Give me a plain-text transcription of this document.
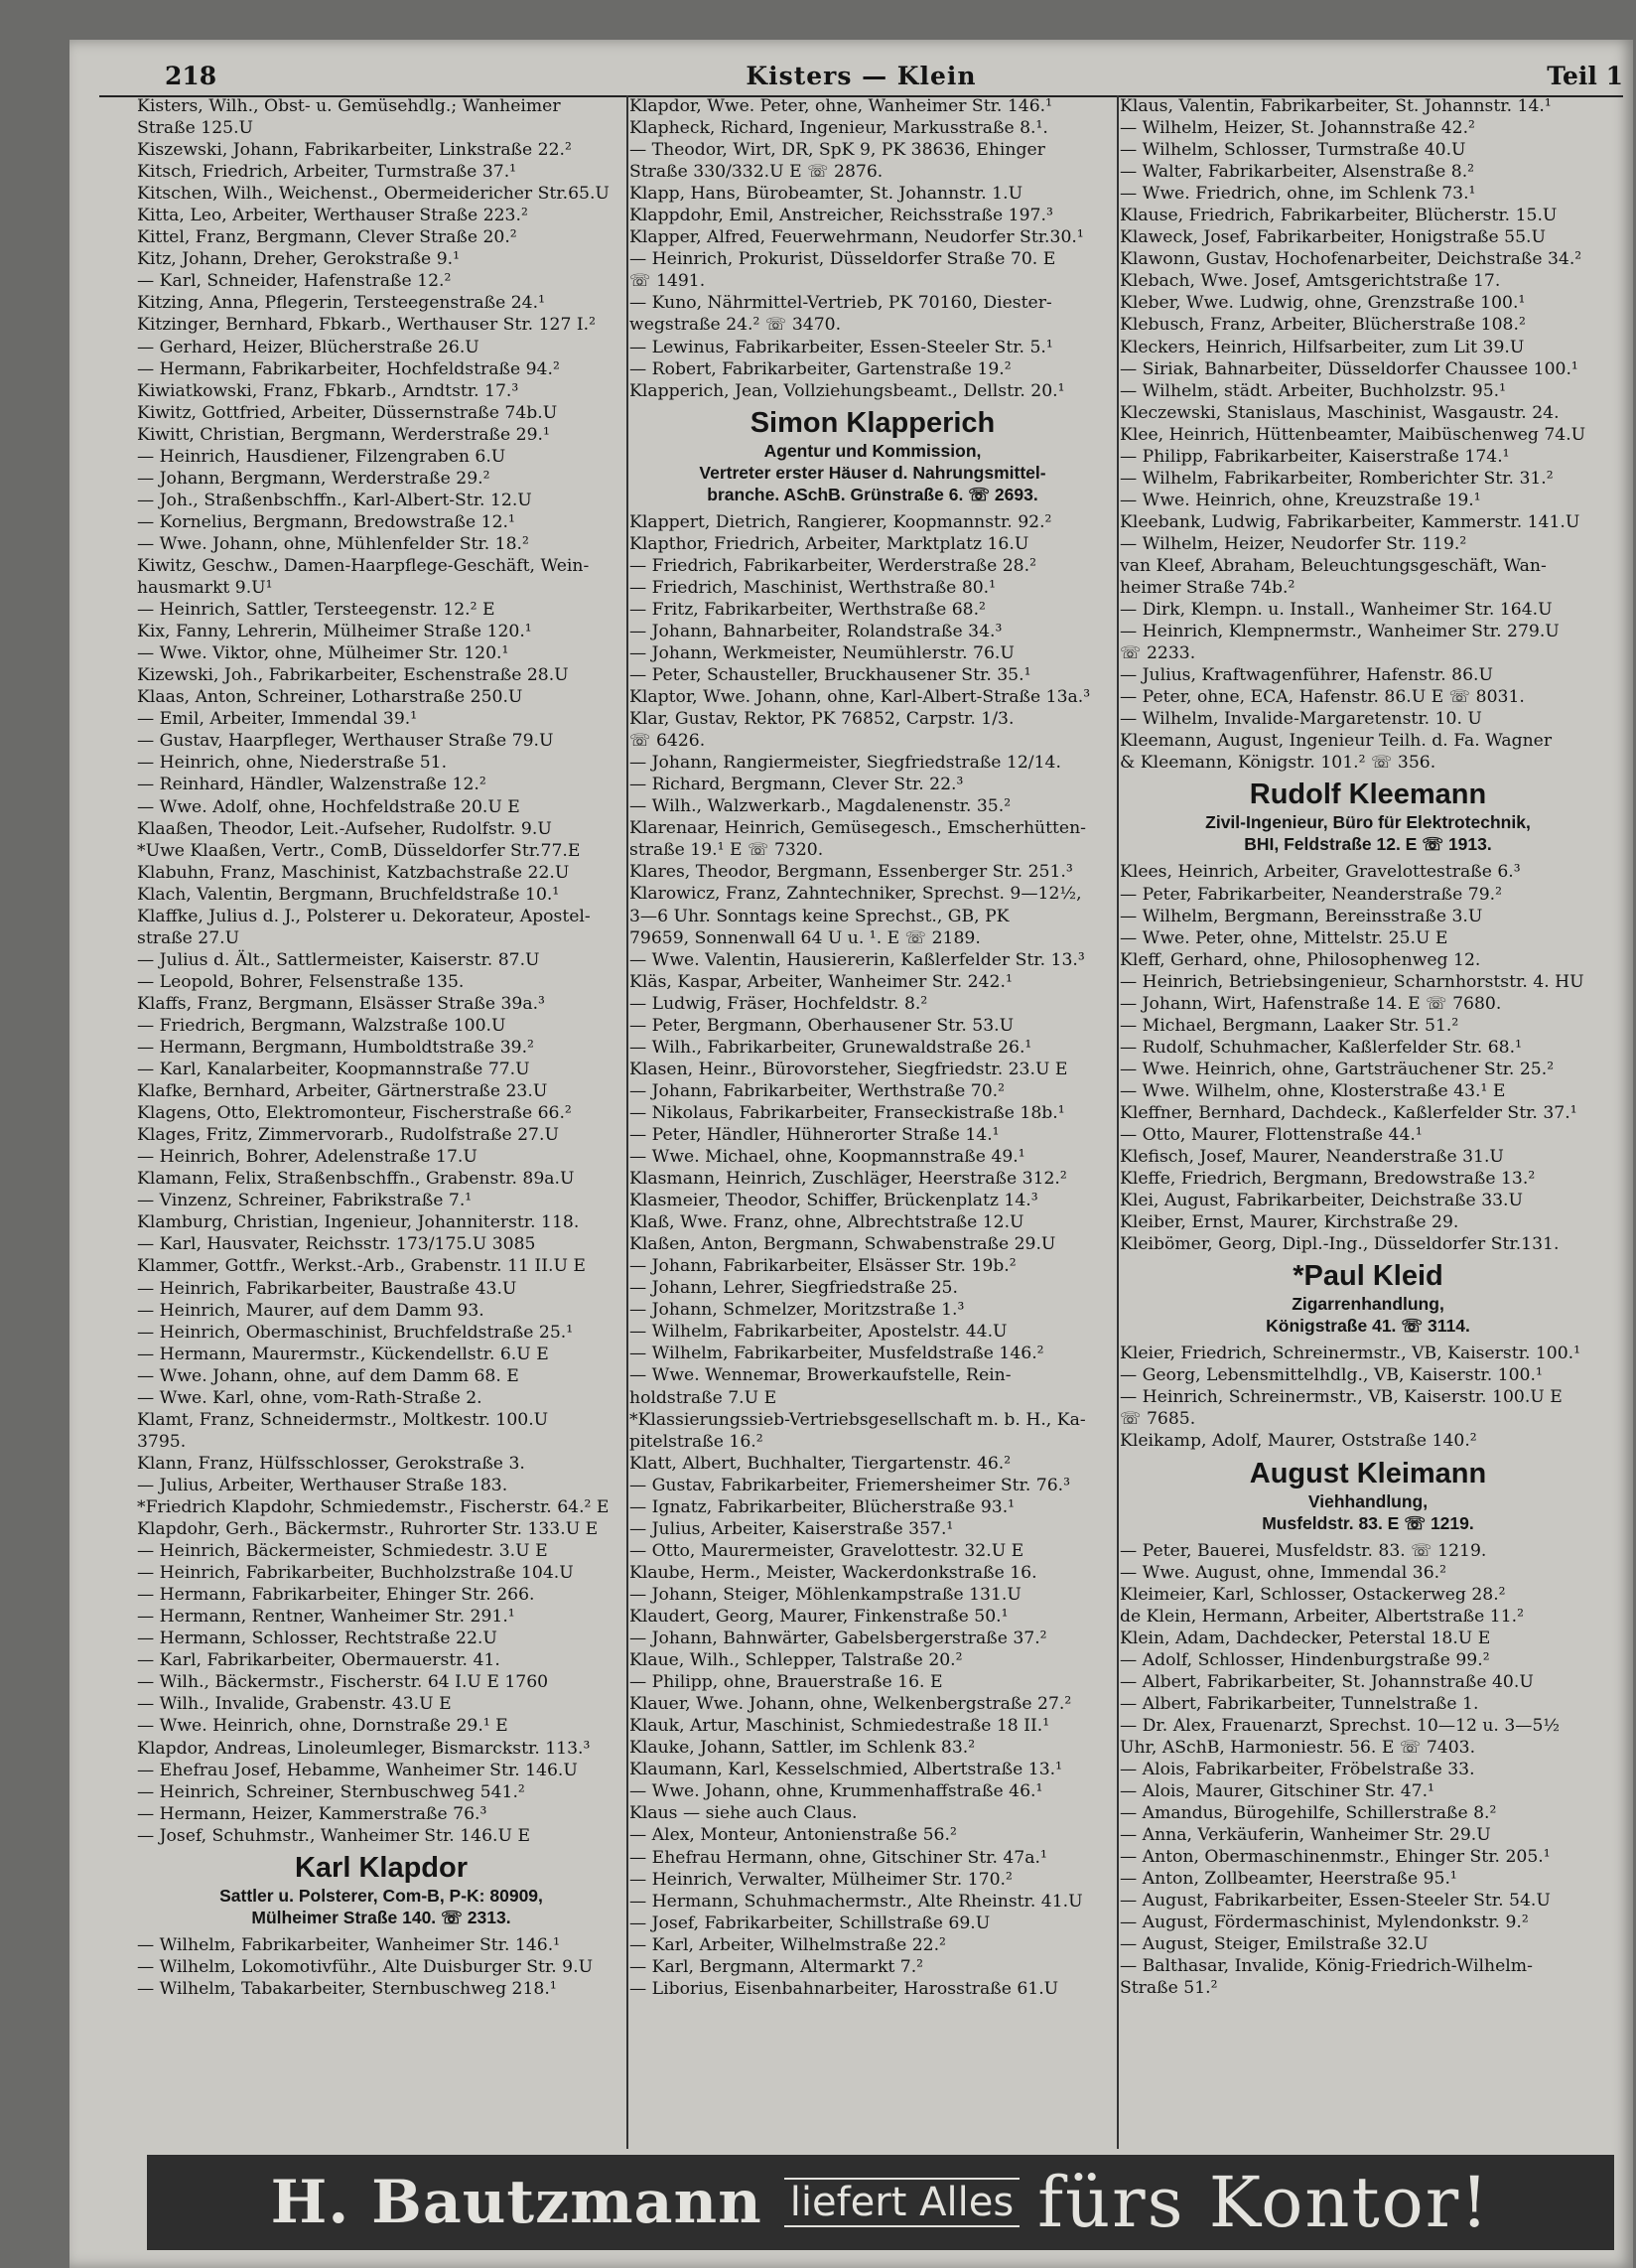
218	Kisters — Klein	Teil 1
Kisters, Wilh., Obst- u. Gemüsehdlg.; Wanheimer
Straße 125.U
Kiszewski, Johann, Fabrikarbeiter, Linkstraße 22.²
Kitsch, Friedrich, Arbeiter, Turmstraße 37.¹
Kitschen, Wilh., Weichenst., Obermeidericher Str.65.U
Kitta, Leo, Arbeiter, Werthauser Straße 223.²
Kittel, Franz, Bergmann, Clever Straße 20.²
Kitz, Johann, Dreher, Gerokstraße 9.¹
— Karl, Schneider, Hafenstraße 12.²
Kitzing, Anna, Pflegerin, Tersteegenstraße 24.¹
Kitzinger, Bernhard, Fbkarb., Werthauser Str. 127 I.²
— Gerhard, Heizer, Blücherstraße 26.U
— Hermann, Fabrikarbeiter, Hochfeldstraße 94.²
Kiwiatkowski, Franz, Fbkarb., Arndtstr. 17.³
Kiwitz, Gottfried, Arbeiter, Düssernstraße 74b.U
Kiwitt, Christian, Bergmann, Werderstraße 29.¹
— Heinrich, Hausdiener, Filzengraben 6.U
— Johann, Bergmann, Werderstraße 29.²
— Joh., Straßenbschffn., Karl-Albert-Str. 12.U
— Kornelius, Bergmann, Bredowstraße 12.¹
— Wwe. Johann, ohne, Mühlenfelder Str. 18.²
Kiwitz, Geschw., Damen-Haarpflege-Geschäft, Wein-
hausmarkt 9.U¹
— Heinrich, Sattler, Tersteegenstr. 12.² E
Kix, Fanny, Lehrerin, Mülheimer Straße 120.¹
— Wwe. Viktor, ohne, Mülheimer Str. 120.¹
Kizewski, Joh., Fabrikarbeiter, Eschenstraße 28.U
Klaas, Anton, Schreiner, Lotharstraße 250.U
— Emil, Arbeiter, Immendal 39.¹
— Gustav, Haarpfleger, Werthauser Straße 79.U
— Heinrich, ohne, Niederstraße 51.
— Reinhard, Händler, Walzenstraße 12.²
— Wwe. Adolf, ohne, Hochfeldstraße 20.U E
Klaaßen, Theodor, Leit.-Aufseher, Rudolfstr. 9.U
*Uwe Klaaßen, Vertr., ComB, Düsseldorfer Str.77.E
Klabuhn, Franz, Maschinist, Katzbachstraße 22.U
Klach, Valentin, Bergmann, Bruchfeldstraße 10.¹
Klaffke, Julius d. J., Polsterer u. Dekorateur, Apostel-
straße 27.U
— Julius d. Ält., Sattlermeister, Kaiserstr. 87.U
— Leopold, Bohrer, Felsenstraße 135.
Klaffs, Franz, Bergmann, Elsässer Straße 39a.³
— Friedrich, Bergmann, Walzstraße 100.U
— Hermann, Bergmann, Humboldtstraße 39.²
— Karl, Kanalarbeiter, Koopmannstraße 77.U
Klafke, Bernhard, Arbeiter, Gärtnerstraße 23.U
Klagens, Otto, Elektromonteur, Fischerstraße 66.²
Klages, Fritz, Zimmervorarb., Rudolfstraße 27.U
— Heinrich, Bohrer, Adelenstraße 17.U
Klamann, Felix, Straßenbschffn., Grabenstr. 89a.U
— Vinzenz, Schreiner, Fabrikstraße 7.¹
Klamburg, Christian, Ingenieur, Johanniterstr. 118.
— Karl, Hausvater, Reichsstr. 173/175.U 3085
Klammer, Gottfr., Werkst.-Arb., Grabenstr. 11 II.U E
— Heinrich, Fabrikarbeiter, Baustraße 43.U
— Heinrich, Maurer, auf dem Damm 93.
— Heinrich, Obermaschinist, Bruchfeldstraße 25.¹
— Hermann, Maurermstr., Kückendellstr. 6.U E
— Wwe. Johann, ohne, auf dem Damm 68. E
— Wwe. Karl, ohne, vom-Rath-Straße 2.
Klamt, Franz, Schneidermstr., Moltkestr. 100.U
3795.
Klann, Franz, Hülfsschlosser, Gerokstraße 3.
— Julius, Arbeiter, Werthauser Straße 183.
*Friedrich Klapdohr, Schmiedemstr., Fischerstr. 64.² E
Klapdohr, Gerh., Bäckermstr., Ruhrorter Str. 133.U E
— Heinrich, Bäckermeister, Schmiedestr. 3.U E
— Heinrich, Fabrikarbeiter, Buchholzstraße 104.U
— Hermann, Fabrikarbeiter, Ehinger Str. 266.
— Hermann, Rentner, Wanheimer Str. 291.¹
— Hermann, Schlosser, Rechtstraße 22.U
— Karl, Fabrikarbeiter, Obermauerstr. 41.
— Wilh., Bäckermstr., Fischerstr. 64 I.U E 1760
— Wilh., Invalide, Grabenstr. 43.U E
— Wwe. Heinrich, ohne, Dornstraße 29.¹ E
Klapdor, Andreas, Linoleumleger, Bismarckstr. 113.³
— Ehefrau Josef, Hebamme, Wanheimer Str. 146.U
— Heinrich, Schreiner, Sternbuschweg 541.²
— Hermann, Heizer, Kammerstraße 76.³
— Josef, Schuhmstr., Wanheimer Str. 146.U E
Karl Klapdor
Sattler u. Polsterer, Com-B, P-K: 80909,
Mülheimer Straße 140. ☏ 2313.
— Wilhelm, Fabrikarbeiter, Wanheimer Str. 146.¹
— Wilhelm, Lokomotivführ., Alte Duisburger Str. 9.U
— Wilhelm, Tabakarbeiter, Sternbuschweg 218.¹
Klapdor, Wwe. Peter, ohne, Wanheimer Str. 146.¹
Klapheck, Richard, Ingenieur, Markusstraße 8.¹.
— Theodor, Wirt, DR, SpK 9, PK 38636, Ehinger
Straße 330/332.U E ☏ 2876.
Klapp, Hans, Bürobeamter, St. Johannstr. 1.U
Klappdohr, Emil, Anstreicher, Reichsstraße 197.³
Klapper, Alfred, Feuerwehrmann, Neudorfer Str.30.¹
— Heinrich, Prokurist, Düsseldorfer Straße 70. E
☏ 1491.
— Kuno, Nährmittel-Vertrieb, PK 70160, Diester-
wegstraße 24.² ☏ 3470.
— Lewinus, Fabrikarbeiter, Essen-Steeler Str. 5.¹
— Robert, Fabrikarbeiter, Gartenstraße 19.²
Klapperich, Jean, Vollziehungsbeamt., Dellstr. 20.¹
Simon Klapperich
Agentur und Kommission,
Vertreter erster Häuser d. Nahrungsmittel-
branche. ASchB. Grünstraße 6. ☏ 2693.
Klappert, Dietrich, Rangierer, Koopmannstr. 92.²
Klapthor, Friedrich, Arbeiter, Marktplatz 16.U
— Friedrich, Fabrikarbeiter, Werderstraße 28.²
— Friedrich, Maschinist, Werthstraße 80.¹
— Fritz, Fabrikarbeiter, Werthstraße 68.²
— Johann, Bahnarbeiter, Rolandstraße 34.³
— Johann, Werkmeister, Neumühlerstr. 76.U
— Peter, Schausteller, Bruckhausener Str. 35.¹
Klaptor, Wwe. Johann, ohne, Karl-Albert-Straße 13a.³
Klar, Gustav, Rektor, PK 76852, Carpstr. 1/3.
☏ 6426.
— Johann, Rangiermeister, Siegfriedstraße 12/14.
— Richard, Bergmann, Clever Str. 22.³
— Wilh., Walzwerkarb., Magdalenenstr. 35.²
Klarenaar, Heinrich, Gemüsegesch., Emscherhütten-
straße 19.¹ E ☏ 7320.
Klares, Theodor, Bergmann, Essenberger Str. 251.³
Klarowicz, Franz, Zahntechniker, Sprechst. 9—12½,
3—6 Uhr. Sonntags keine Sprechst., GB, PK
79659, Sonnenwall 64 U u. ¹. E ☏ 2189.
— Wwe. Valentin, Hausiererin, Kaßlerfelder Str. 13.³
Kläs, Kaspar, Arbeiter, Wanheimer Str. 242.¹
— Ludwig, Fräser, Hochfeldstr. 8.²
— Peter, Bergmann, Oberhausener Str. 53.U
— Wilh., Fabrikarbeiter, Grunewaldstraße 26.¹
Klasen, Heinr., Bürovorsteher, Siegfriedstr. 23.U E
— Johann, Fabrikarbeiter, Werthstraße 70.²
— Nikolaus, Fabrikarbeiter, Franseckistraße 18b.¹
— Peter, Händler, Hühnerorter Straße 14.¹
— Wwe. Michael, ohne, Koopmannstraße 49.¹
Klasmann, Heinrich, Zuschläger, Heerstraße 312.²
Klasmeier, Theodor, Schiffer, Brückenplatz 14.³
Klaß, Wwe. Franz, ohne, Albrechtstraße 12.U
Klaßen, Anton, Bergmann, Schwabenstraße 29.U
— Johann, Fabrikarbeiter, Elsässer Str. 19b.²
— Johann, Lehrer, Siegfriedstraße 25.
— Johann, Schmelzer, Moritzstraße 1.³
— Wilhelm, Fabrikarbeiter, Apostelstr. 44.U
— Wilhelm, Fabrikarbeiter, Musfeldstraße 146.²
— Wwe. Wennemar, Browerkaufstelle, Rein-
holdstraße 7.U E
*Klassierungssieb-Vertriebsgesellschaft m. b. H., Ka-
pitelstraße 16.²
Klatt, Albert, Buchhalter, Tiergartenstr. 46.²
— Gustav, Fabrikarbeiter, Friemersheimer Str. 76.³
— Ignatz, Fabrikarbeiter, Blücherstraße 93.¹
— Julius, Arbeiter, Kaiserstraße 357.¹
— Otto, Maurermeister, Gravelottestr. 32.U E
Klaube, Herm., Meister, Wackerdonkstraße 16.
— Johann, Steiger, Möhlenkampstraße 131.U
Klaudert, Georg, Maurer, Finkenstraße 50.¹
— Johann, Bahnwärter, Gabelsbergerstraße 37.²
Klaue, Wilh., Schlepper, Talstraße 20.²
— Philipp, ohne, Brauerstraße 16. E
Klauer, Wwe. Johann, ohne, Welkenbergstraße 27.²
Klauk, Artur, Maschinist, Schmiedestraße 18 II.¹
Klauke, Johann, Sattler, im Schlenk 83.²
Klaumann, Karl, Kesselschmied, Albertstraße 13.¹
— Wwe. Johann, ohne, Krummenhaffstraße 46.¹
Klaus — siehe auch Claus.
— Alex, Monteur, Antonienstraße 56.²
— Ehefrau Hermann, ohne, Gitschiner Str. 47a.¹
— Heinrich, Verwalter, Mülheimer Str. 170.²
— Hermann, Schuhmachermstr., Alte Rheinstr. 41.U
— Josef, Fabrikarbeiter, Schillstraße 69.U
— Karl, Arbeiter, Wilhelmstraße 22.²
— Karl, Bergmann, Altermarkt 7.²
— Liborius, Eisenbahnarbeiter, Harosstraße 61.U
Klaus, Valentin, Fabrikarbeiter, St. Johannstr. 14.¹
— Wilhelm, Heizer, St. Johannstraße 42.²
— Wilhelm, Schlosser, Turmstraße 40.U
— Walter, Fabrikarbeiter, Alsenstraße 8.²
— Wwe. Friedrich, ohne, im Schlenk 73.¹
Klause, Friedrich, Fabrikarbeiter, Blücherstr. 15.U
Klaweck, Josef, Fabrikarbeiter, Honigstraße 55.U
Klawonn, Gustav, Hochofenarbeiter, Deichstraße 34.²
Klebach, Wwe. Josef, Amtsgerichtstraße 17.
Kleber, Wwe. Ludwig, ohne, Grenzstraße 100.¹
Klebusch, Franz, Arbeiter, Blücherstraße 108.²
Kleckers, Heinrich, Hilfsarbeiter, zum Lit 39.U
— Siriak, Bahnarbeiter, Düsseldorfer Chaussee 100.¹
— Wilhelm, städt. Arbeiter, Buchholzstr. 95.¹
Kleczewski, Stanislaus, Maschinist, Wasgaustr. 24.
Klee, Heinrich, Hüttenbeamter, Maibüschenweg 74.U
— Philipp, Fabrikarbeiter, Kaiserstraße 174.¹
— Wilhelm, Fabrikarbeiter, Romberichter Str. 31.²
— Wwe. Heinrich, ohne, Kreuzstraße 19.¹
Kleebank, Ludwig, Fabrikarbeiter, Kammerstr. 141.U
— Wilhelm, Heizer, Neudorfer Str. 119.²
van Kleef, Abraham, Beleuchtungsgeschäft, Wan-
heimer Straße 74b.²
— Dirk, Klempn. u. Install., Wanheimer Str. 164.U
— Heinrich, Klempnermstr., Wanheimer Str. 279.U
☏ 2233.
— Julius, Kraftwagenführer, Hafenstr. 86.U
— Peter, ohne, ECA, Hafenstr. 86.U E ☏ 8031.
— Wilhelm, Invalide-Margaretenstr. 10. U
Kleemann, August, Ingenieur Teilh. d. Fa. Wagner
& Kleemann, Königstr. 101.² ☏ 356.
Rudolf Kleemann
Zivil-Ingenieur, Büro für Elektrotechnik,
BHI, Feldstraße 12. E ☏ 1913.
Klees, Heinrich, Arbeiter, Gravelottestraße 6.³
— Peter, Fabrikarbeiter, Neanderstraße 79.²
— Wilhelm, Bergmann, Bereinsstraße 3.U
— Wwe. Peter, ohne, Mittelstr. 25.U E
Kleff, Gerhard, ohne, Philosophenweg 12.
— Heinrich, Betriebsingenieur, Scharnhorststr. 4. HU
— Johann, Wirt, Hafenstraße 14. E ☏ 7680.
— Michael, Bergmann, Laaker Str. 51.²
— Rudolf, Schuhmacher, Kaßlerfelder Str. 68.¹
— Wwe. Heinrich, ohne, Gartsträuchener Str. 25.²
— Wwe. Wilhelm, ohne, Klosterstraße 43.¹ E
Kleffner, Bernhard, Dachdeck., Kaßlerfelder Str. 37.¹
— Otto, Maurer, Flottenstraße 44.¹
Klefisch, Josef, Maurer, Neanderstraße 31.U
Kleffe, Friedrich, Bergmann, Bredowstraße 13.²
Klei, August, Fabrikarbeiter, Deichstraße 33.U
Kleiber, Ernst, Maurer, Kirchstraße 29.
Kleibömer, Georg, Dipl.-Ing., Düsseldorfer Str.131.
*Paul Kleid
Zigarrenhandlung,
Königstraße 41. ☏ 3114.
Kleier, Friedrich, Schreinermstr., VB, Kaiserstr. 100.¹
— Georg, Lebensmittelhdlg., VB, Kaiserstr. 100.¹
— Heinrich, Schreinermstr., VB, Kaiserstr. 100.U E
☏ 7685.
Kleikamp, Adolf, Maurer, Oststraße 140.²
August Kleimann
Viehhandlung,
Musfeldstr. 83. E ☏ 1219.
— Peter, Bauerei, Musfeldstr. 83. ☏ 1219.
— Wwe. August, ohne, Immendal 36.²
Kleimeier, Karl, Schlosser, Ostackerweg 28.²
de Klein, Hermann, Arbeiter, Albertstraße 11.²
Klein, Adam, Dachdecker, Peterstal 18.U E
— Adolf, Schlosser, Hindenburgstraße 99.²
— Albert, Fabrikarbeiter, St. Johannstraße 40.U
— Albert, Fabrikarbeiter, Tunnelstraße 1.
— Dr. Alex, Frauenarzt, Sprechst. 10—12 u. 3—5½
Uhr, ASchB, Harmoniestr. 56. E ☏ 7403.
— Alois, Fabrikarbeiter, Fröbelstraße 33.
— Alois, Maurer, Gitschiner Str. 47.¹
— Amandus, Bürogehilfe, Schillerstraße 8.²
— Anna, Verkäuferin, Wanheimer Str. 29.U
— Anton, Obermaschinenmstr., Ehinger Str. 205.¹
— Anton, Zollbeamter, Heerstraße 95.¹
— August, Fabrikarbeiter, Essen-Steeler Str. 54.U
— August, Fördermaschinist, Mylendonkstr. 9.²
— August, Steiger, Emilstraße 32.U
— Balthasar, Invalide, König-Friedrich-Wilhelm-
Straße 51.²
H. Bautzmann liefert Alles fürs Kontor!
